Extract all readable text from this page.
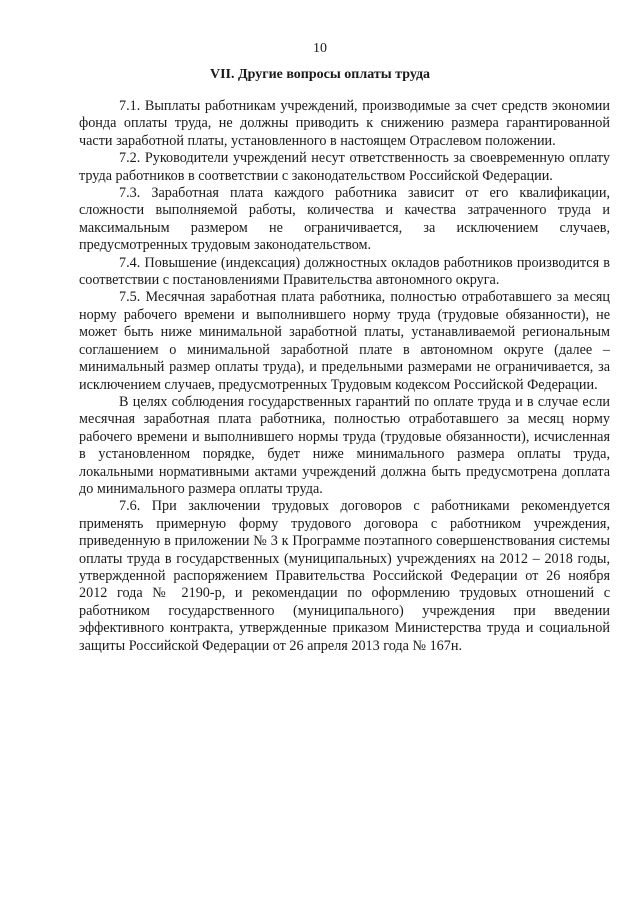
10
VII. Другие вопросы оплаты труда

7.1. Выплаты работникам учреждений, производимые за счет средств экономии фонда оплаты труда, не должны приводить к снижению размера гарантированной части заработной платы, установленного в настоящем Отраслевом положении.

7.2. Руководители учреждений несут ответственность за своевременную оплату труда работников в соответствии с законодательством Российской Федерации.

7.3. Заработная плата каждого работника зависит от его квалификации, сложности выполняемой работы, количества и качества затраченного труда и максимальным размером не ограничивается, за исключением случаев, предусмотренных трудовым законодательством.

7.4. Повышение (индексация) должностных окладов работников производится в соответствии с постановлениями Правительства автономного округа.

7.5. Месячная заработная плата работника, полностью отработавшего за месяц норму рабочего времени и выполнившего норму труда (трудовые обязанности), не может быть ниже минимальной заработной платы, устанавливаемой региональным соглашением о минимальной заработной плате в автономном округе (далее – минимальный размер оплаты труда), и предельными размерами не ограничивается, за исключением случаев, предусмотренных Трудовым кодексом Российской Федерации.

В целях соблюдения государственных гарантий по оплате труда и в случае если месячная заработная плата работника, полностью отработавшего за месяц норму рабочего времени и выполнившего нормы труда (трудовые обязанности), исчисленная в установленном порядке, будет ниже минимального размера оплаты труда, локальными нормативными актами учреждений должна быть предусмотрена доплата до минимального размера оплаты труда.

7.6. При заключении трудовых договоров с работниками рекомендуется применять примерную форму трудового договора с работником учреждения, приведенную в приложении № 3 к Программе поэтапного совершенствования системы оплаты труда в государственных (муниципальных) учреждениях на 2012 – 2018 годы, утвержденной распоряжением Правительства Российской Федерации от 26 ноября 2012 года № 2190-р, и рекомендации по оформлению трудовых отношений с работником государственного (муниципального) учреждения при введении эффективного контракта, утвержденные приказом Министерства труда и социальной защиты Российской Федерации от 26 апреля 2013 года № 167н.
